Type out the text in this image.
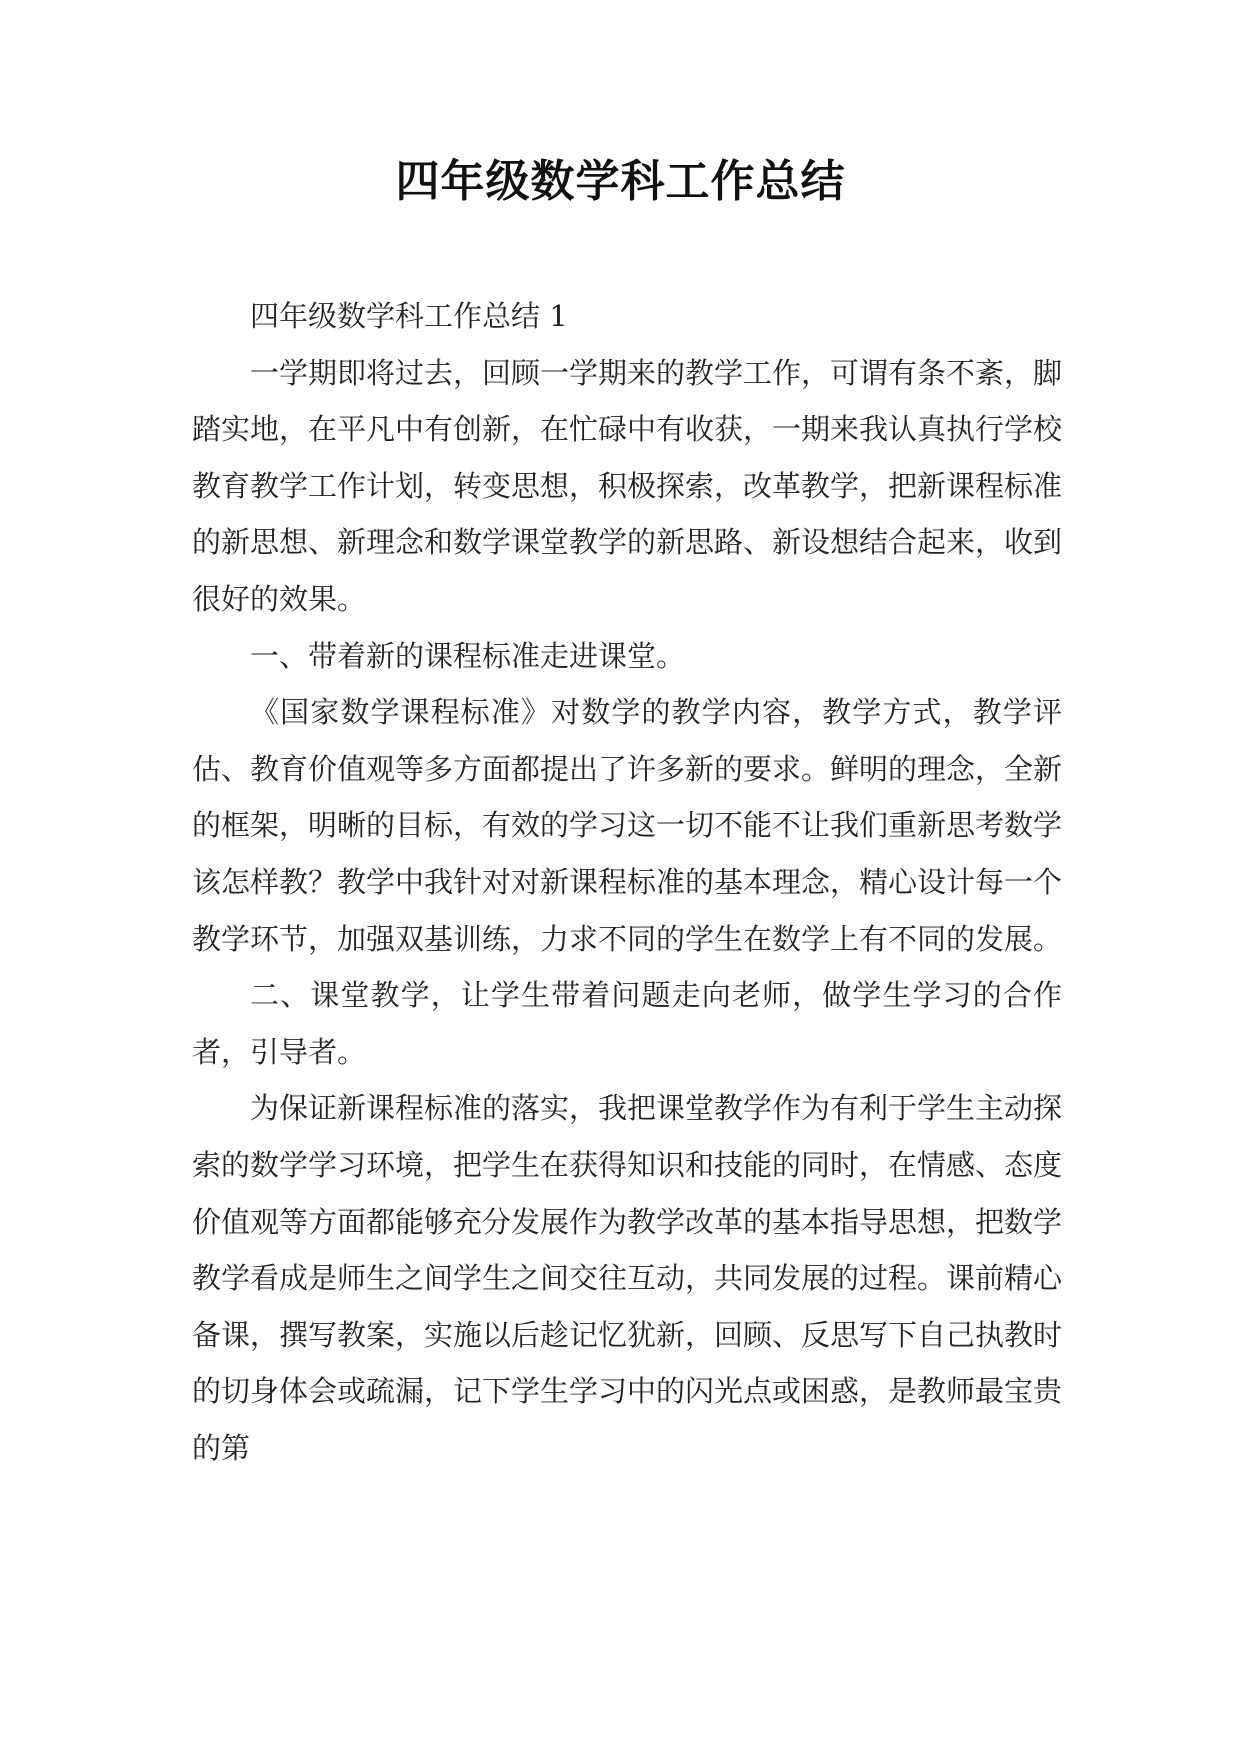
四年级数学科工作总结

四年级数学科工作总结 1

一学期即将过去，回顾一学期来的教学工作，可谓有条不紊，脚踏实地，在平凡中有创新，在忙碌中有收获，一期来我认真执行学校教育教学工作计划，转变思想，积极探索，改革教学，把新课程标准的新思想、新理念和数学课堂教学的新思路、新设想结合起来，收到很好的效果。

一、带着新的课程标准走进课堂。

《国家数学课程标准》对数学的教学内容，教学方式，教学评估、教育价值观等多方面都提出了许多新的要求。鲜明的理念，全新的框架，明晰的目标，有效的学习这一切不能不让我们重新思考数学该怎样教？教学中我针对对新课程标准的基本理念，精心设计每一个教学环节，加强双基训练，力求不同的学生在数学上有不同的发展。

二、课堂教学，让学生带着问题走向老师，做学生学习的合作者，引导者。

为保证新课程标准的落实，我把课堂教学作为有利于学生主动探索的数学学习环境，把学生在获得知识和技能的同时，在情感、态度价值观等方面都能够充分发展作为教学改革的基本指导思想，把数学教学看成是师生之间学生之间交往互动，共同发展的过程。课前精心备课，撰写教案，实施以后趁记忆犹新，回顾、反思写下自己执教时的切身体会或疏漏，记下学生学习中的闪光点或困惑，是教师最宝贵的第
